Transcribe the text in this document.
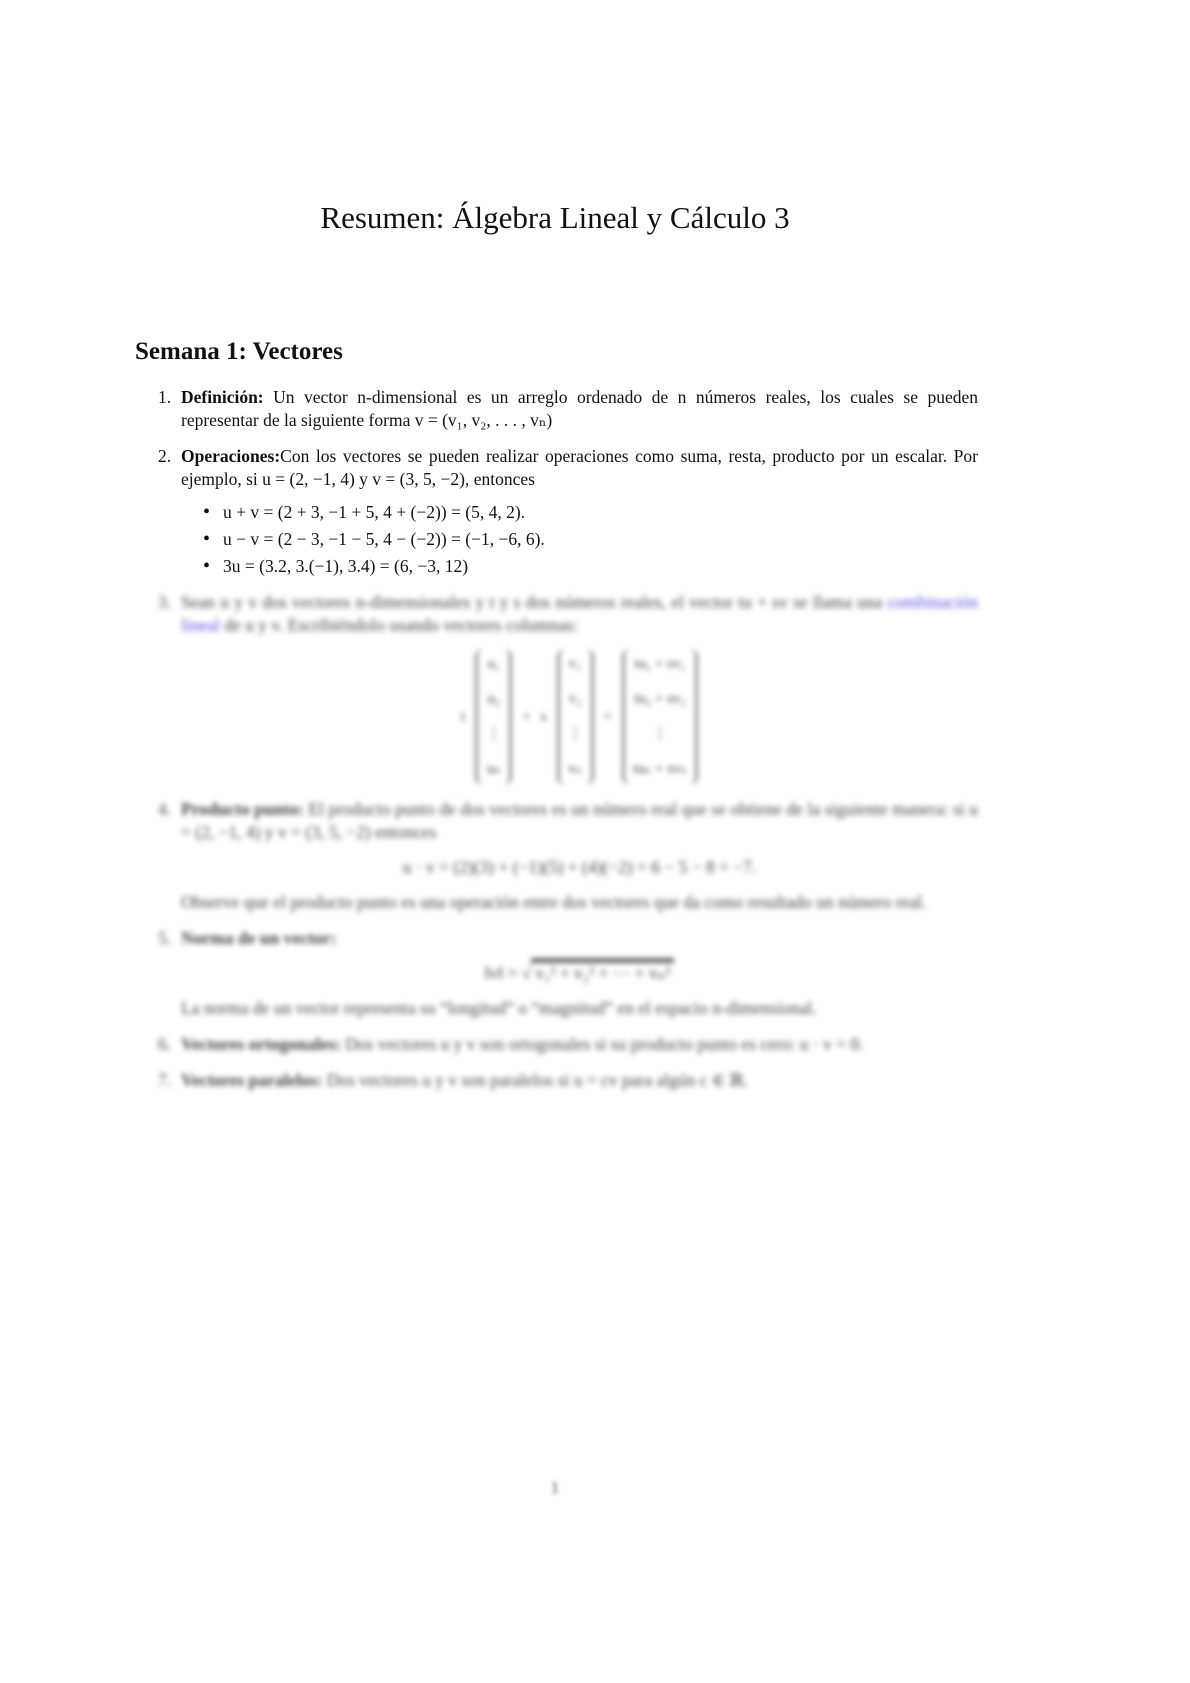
Resumen: Álgebra Lineal y Cálculo 3
Semana 1: Vectores
1. Definición: Un vector n-dimensional es un arreglo ordenado de n números reales, los cuales se pueden representar de la siguiente forma v = (v₁, v₂, . . . , vₙ)
2. Operaciones:Con los vectores se pueden realizar operaciones como suma, resta, producto por un escalar. Por ejemplo, si u = (2, −1, 4) y v = (3, 5, −2), entonces
• u + v = (2 + 3, −1 + 5, 4 + (−2)) = (5, 4, 2).
• u − v = (2 − 3, −1 − 5, 4 − (−2)) = (−1, −6, 6).
• 3u = (3.2, 3.(−1), 3.4) = (6, −3, 12)
3. Sean u y v dos vectores n-dimensionales y t y s dos números reales, el vector tu + sv se llama una combinación lineal de u y v. Escribiéndolo usando vectores columnas:
t
u₁
u₂
⋮
uₙ
+ s
v₁
v₂
⋮
vₙ
=
tu₁ + sv₁
tu₂ + sv₂
⋮
tuₙ + svₙ
4. Producto punto: El producto punto de dos vectores es un número real que se obtiene de la siguiente manera: si u = (2, −1, 4) y v = (3, 5, −2) entonces
u · v = (2)(3) + (−1)(5) + (4)(−2) = 6 − 5 − 8 = −7.
Observe que el producto punto es una operación entre dos vectores que da como resultado un número real.
5. Norma de un vector:
‖v‖ = √ v₁² + v₂² + ⋯ + vₙ²
La norma de un vector representa su “longitud” o “magnitud” en el espacio n-dimensional.
6. Vectores ortogonales: Dos vectores u y v son ortogonales si su producto punto es cero: u · v = 0.
7. Vectores paralelos: Dos vectores u y v son paralelos si u = cv para algún c ∈ ℝ.
1
